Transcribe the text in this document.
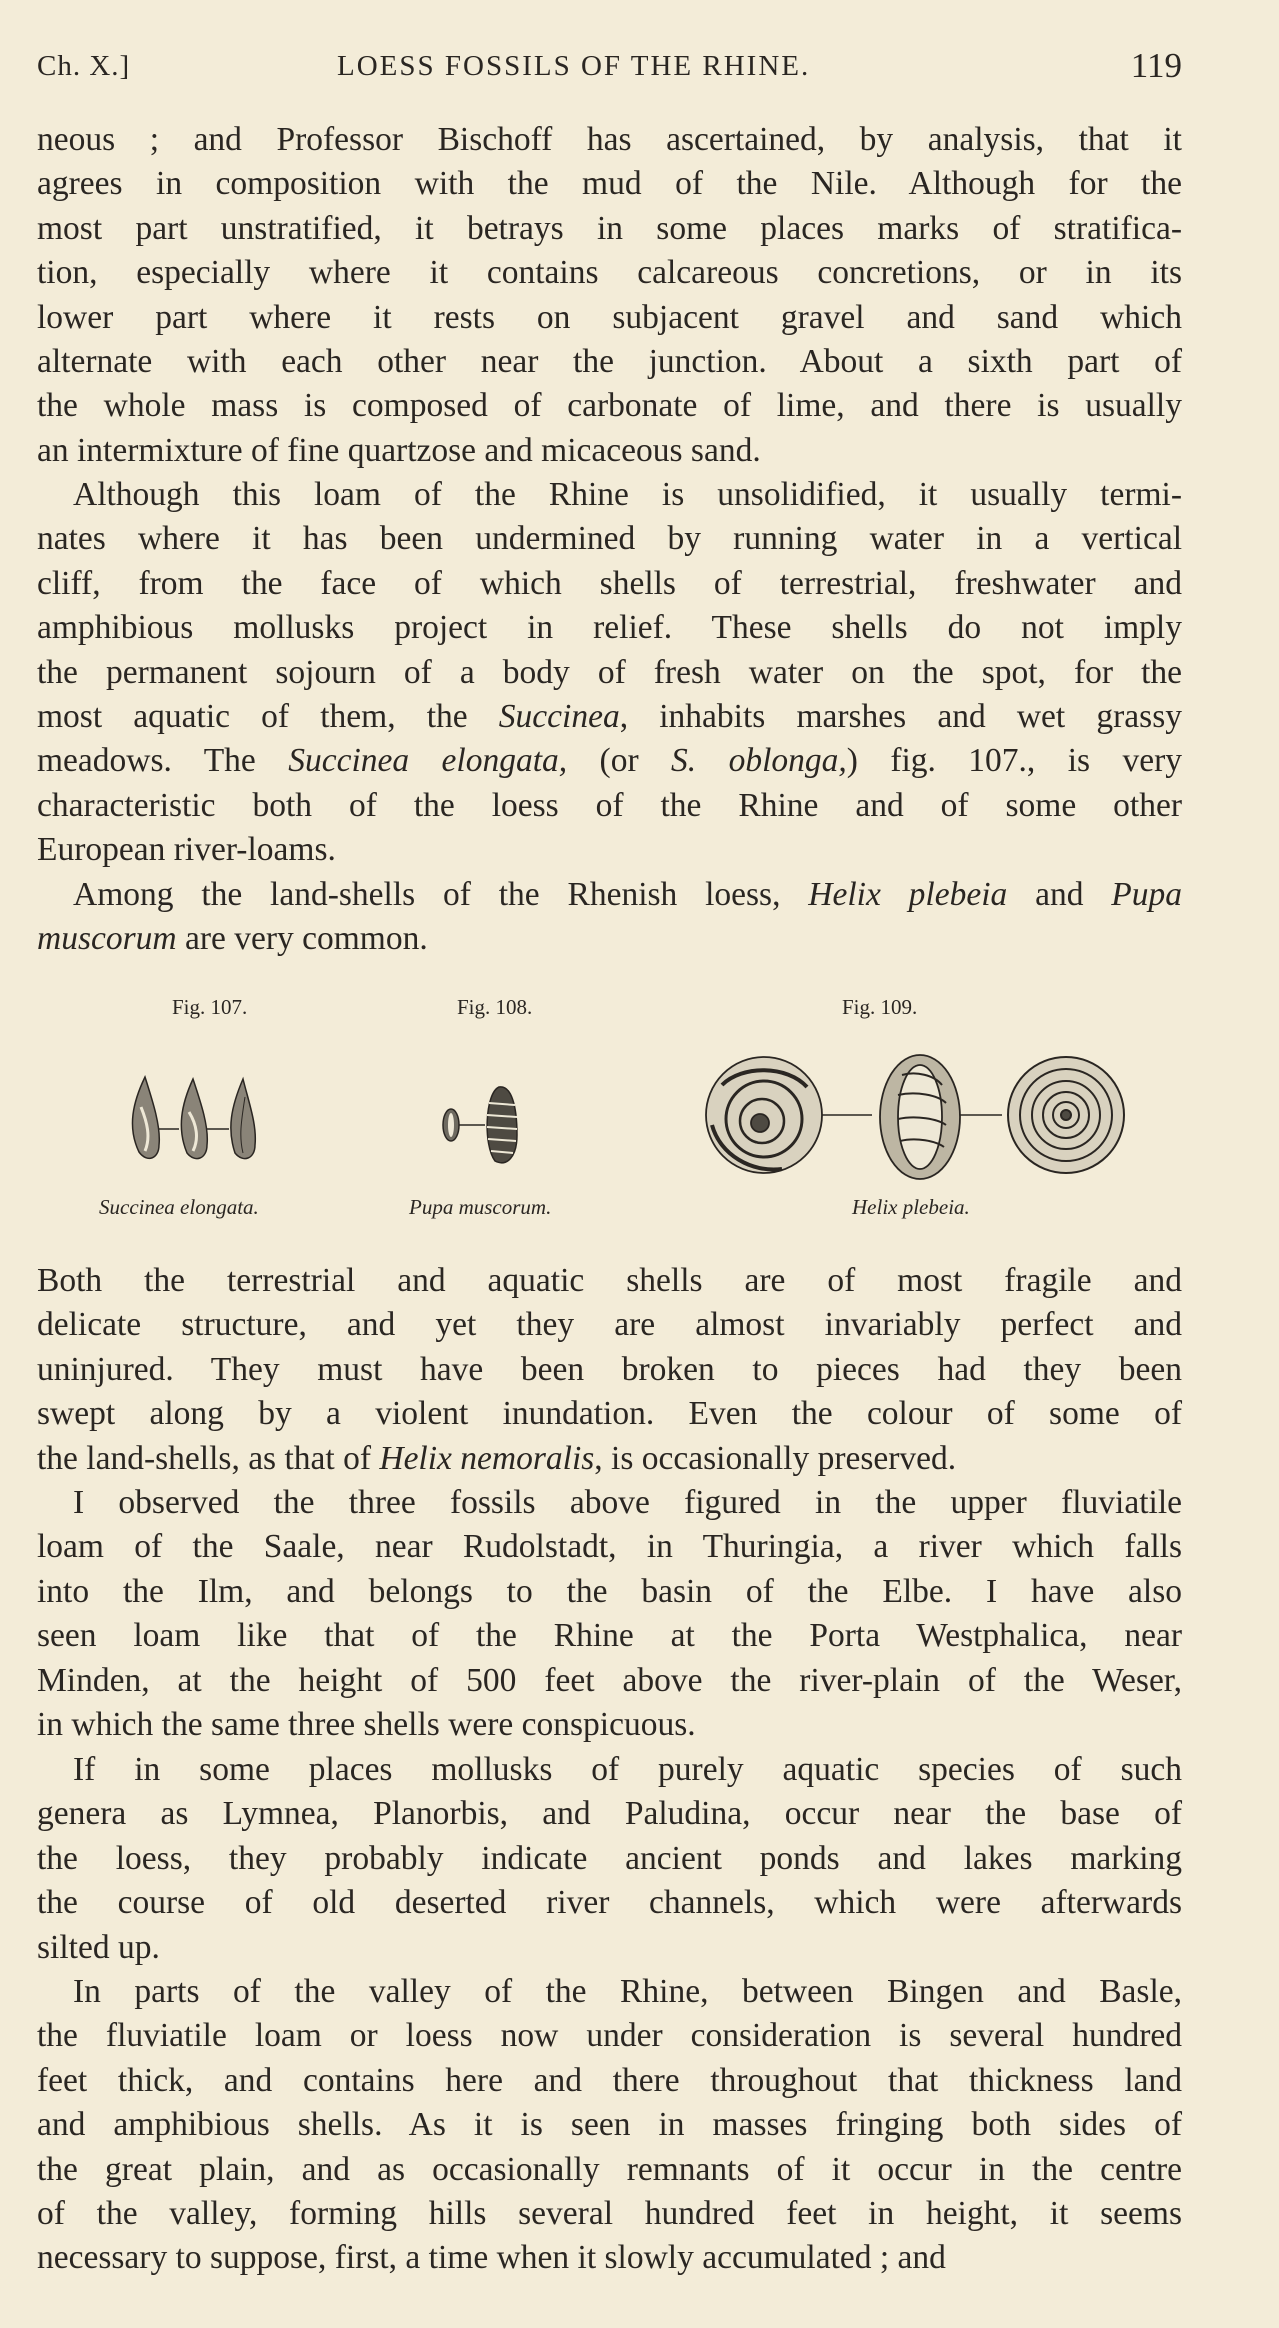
Ch. X.]	LOESS FOSSILS OF THE RHINE.	119
neous ; and Professor Bischoff has ascertained, by analysis, that it
agrees in composition with the mud of the Nile. Although for the
most part unstratified, it betrays in some places marks of stratifica-
tion, especially where it contains calcareous concretions, or in its
lower part where it rests on subjacent gravel and sand which
alternate with each other near the junction. About a sixth part of
the whole mass is composed of carbonate of lime, and there is usually
an intermixture of fine quartzose and micaceous sand.
Although this loam of the Rhine is unsolidified, it usually termi-
nates where it has been undermined by running water in a vertical
cliff, from the face of which shells of terrestrial, freshwater and
amphibious mollusks project in relief. These shells do not imply
the permanent sojourn of a body of fresh water on the spot, for the
most aquatic of them, the Succinea, inhabits marshes and wet grassy
meadows. The Succinea elongata, (or S. oblonga,) fig. 107., is very
characteristic both of the loess of the Rhine and of some other
European river-loams.
Among the land-shells of the Rhenish loess, Helix plebeia and Pupa
muscorum are very common.
Fig. 107.	Fig. 108.	Fig. 109.
Succinea elongata.	Pupa muscorum.	Helix plebeia.
Both the terrestrial and aquatic shells are of most fragile and
delicate structure, and yet they are almost invariably perfect and
uninjured. They must have been broken to pieces had they been
swept along by a violent inundation. Even the colour of some of
the land-shells, as that of Helix nemoralis, is occasionally preserved.
I observed the three fossils above figured in the upper fluviatile
loam of the Saale, near Rudolstadt, in Thuringia, a river which falls
into the Ilm, and belongs to the basin of the Elbe. I have also
seen loam like that of the Rhine at the Porta Westphalica, near
Minden, at the height of 500 feet above the river-plain of the Weser,
in which the same three shells were conspicuous.
If in some places mollusks of purely aquatic species of such
genera as Lymnea, Planorbis, and Paludina, occur near the base of
the loess, they probably indicate ancient ponds and lakes marking
the course of old deserted river channels, which were afterwards
silted up.
In parts of the valley of the Rhine, between Bingen and Basle,
the fluviatile loam or loess now under consideration is several hundred
feet thick, and contains here and there throughout that thickness land
and amphibious shells. As it is seen in masses fringing both sides of
the great plain, and as occasionally remnants of it occur in the centre
of the valley, forming hills several hundred feet in height, it seems
necessary to suppose, first, a time when it slowly accumulated ; and
